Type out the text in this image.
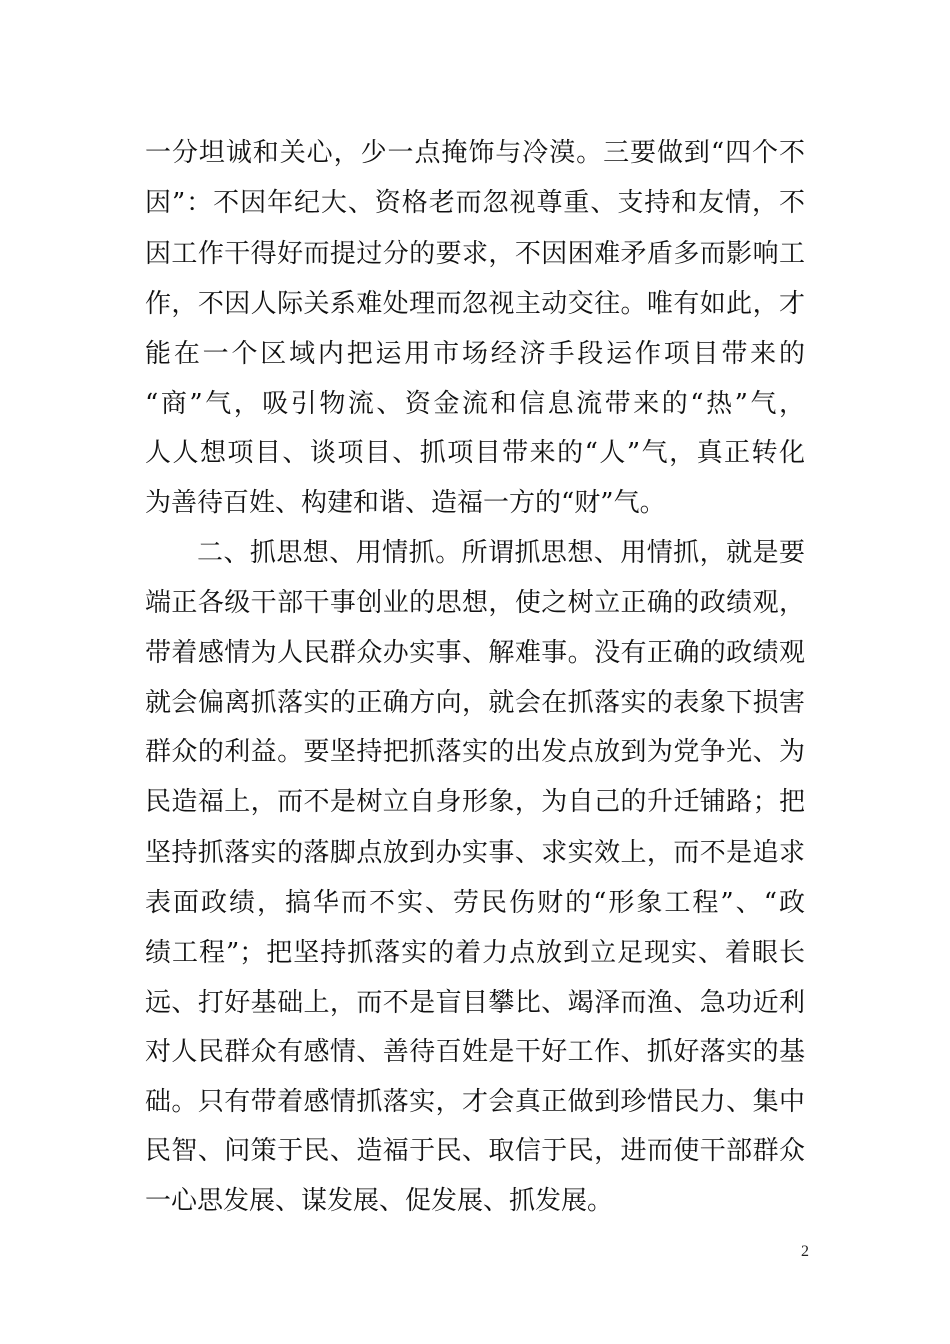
一分坦诚和关心，少一点掩饰与冷漠。三要做到“四个不
因”：不因年纪大、资格老而忽视尊重、支持和友情，不
因工作干得好而提过分的要求，不因困难矛盾多而影响工
作，不因人际关系难处理而忽视主动交往。唯有如此，才
能在一个区域内把运用市场经济手段运作项目带来的
“商”气，吸引物流、资金流和信息流带来的“热”气，
人人想项目、谈项目、抓项目带来的“人”气，真正转化
为善待百姓、构建和谐、造福一方的“财”气。
二、抓思想、用情抓。所谓抓思想、用情抓，就是要
端正各级干部干事创业的思想，使之树立正确的政绩观，
带着感情为人民群众办实事、解难事。没有正确的政绩观
就会偏离抓落实的正确方向，就会在抓落实的表象下损害
群众的利益。要坚持把抓落实的出发点放到为党争光、为
民造福上，而不是树立自身形象，为自己的升迁铺路；把
坚持抓落实的落脚点放到办实事、求实效上，而不是追求
表面政绩，搞华而不实、劳民伤财的“形象工程”、“政
绩工程”；把坚持抓落实的着力点放到立足现实、着眼长
远、打好基础上，而不是盲目攀比、竭泽而渔、急功近利
对人民群众有感情、善待百姓是干好工作、抓好落实的基
础。只有带着感情抓落实，才会真正做到珍惜民力、集中
民智、问策于民、造福于民、取信于民，进而使干部群众
一心思发展、谋发展、促发展、抓发展。
2
